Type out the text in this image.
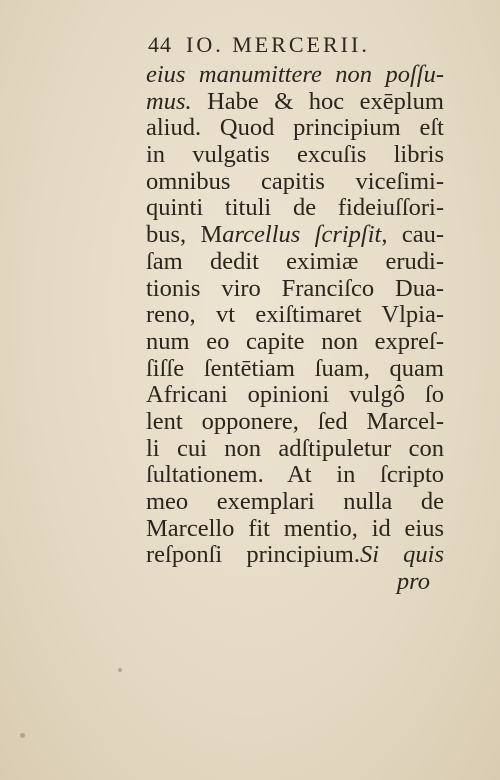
44 IO. MERCERII.
eius manumittere non poſſu-
mus. Habe & hoc exēplum
aliud. Quod principium eſt
in vulgatis excuſis libris
omnibus capitis viceſimi-
quinti tituli de fideiuſſori-
bus, Marcellus ſcripſit, cau-
ſam dedit eximiæ erudi-
tionis viro Franciſco Dua-
reno, vt exiſtimaret Vlpia-
num eo capite non expreſ-
ſiſſe ſentētiam ſuam, quam
Africani opinioni vulgô ſo
lent opponere, ſed Marcel-
li cui non adſtipuletur con
ſultationem. At in ſcripto
meo exemplari nulla de
Marcello fit mentio, id eius
reſponſi principium.Si quis
pro
